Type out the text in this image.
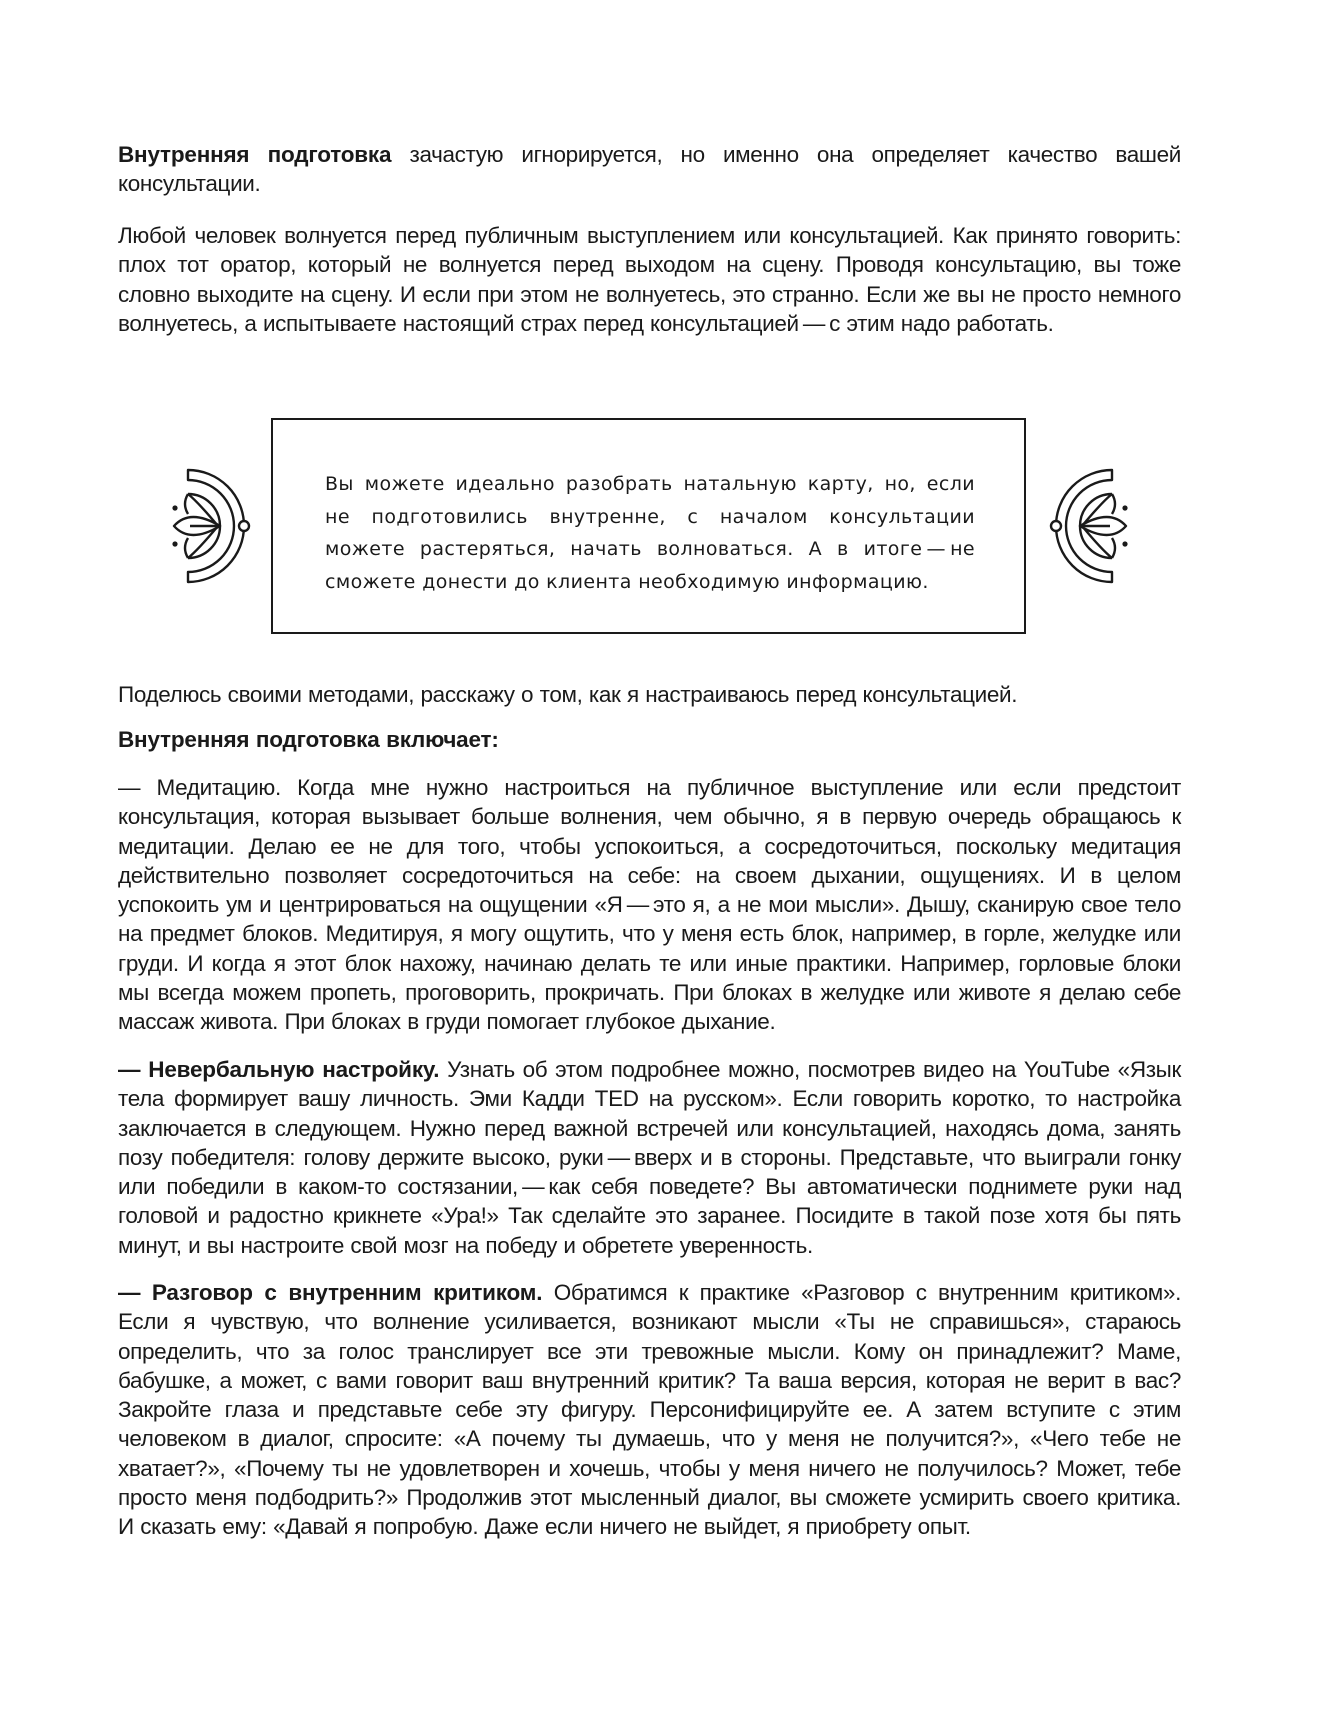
Внутренняя подготовка зачастую игнорируется, но именно она определяет качество вашей консультации.

Любой человек волнуется перед публичным выступлением или консультацией. Как принято говорить: плох тот оратор, который не волнуется перед выходом на сцену. Проводя консультацию, вы тоже словно выходите на сцену. И если при этом не волнуетесь, это странно. Если же вы не просто немного волнуетесь, а испытываете настоящий страх перед консультацией — с этим надо работать.

Поделюсь своими методами, расскажу о том, как я настраиваюсь перед консультацией.

Внутренняя подготовка включает:

— Медитацию. Когда мне нужно настроиться на публичное выступление или если предстоит консультация, которая вызывает больше волнения, чем обычно, я в первую очередь обращаюсь к медитации. Делаю ее не для того, чтобы успокоиться, а сосредоточиться, поскольку медитация действительно позволяет сосредоточиться на себе: на своем дыхании, ощущениях. И в целом успокоить ум и центрироваться на ощущении «Я — это я, а не мои мысли». Дышу, сканирую свое тело на предмет блоков. Медитируя, я могу ощутить, что у меня есть блок, например, в горле, желудке или груди. И когда я этот блок нахожу, начинаю делать те или иные практики. Например, горловые блоки мы всегда можем пропеть, проговорить, прокричать. При блоках в желудке или животе я делаю себе массаж живота. При блоках в груди помогает глубокое дыхание.

— Невербальную настройку. Узнать об этом подробнее можно, посмотрев видео на YouTube «Язык тела формирует вашу личность. Эми Кадди TED на русском». Если говорить коротко, то настройка заключается в следующем. Нужно перед важной встречей или консультацией, находясь дома, занять позу победителя: голову держите высоко, руки — вверх и в стороны. Представьте, что выиграли гонку или победили в каком-то состязании, — как себя поведете? Вы автоматически поднимете руки над головой и радостно крикнете «Ура!» Так сделайте это заранее. Посидите в такой позе хотя бы пять минут, и вы настроите свой мозг на победу и обретете уверенность.

— Разговор с внутренним критиком. Обратимся к практике «Разговор с внутренним критиком». Если я чувствую, что волнение усиливается, возникают мысли «Ты не справишься», стараюсь определить, что за голос транслирует все эти тревожные мысли. Кому он принадлежит? Маме, бабушке, а может, с вами говорит ваш внутренний критик? Та ваша версия, которая не верит в вас? Закройте глаза и представьте себе эту фигуру. Персонифицируйте ее. А затем вступите с этим человеком в диалог, спросите: «А почему ты думаешь, что у меня не получится?», «Чего тебе не хватает?», «Почему ты не удовлетворен и хочешь, чтобы у меня ничего не получилось? Может, тебе просто меня подбодрить?» Продолжив этот мысленный диалог, вы сможете усмирить своего критика. И сказать ему: «Давай я попробую. Даже если ничего не выйдет, я приобрету опыт.

Вы можете идеально разобрать натальную карту, но, если не подготовились внутренне, с началом консультации можете растеряться, начать волноваться. А в итоге — не сможете донести до клиента необходимую информацию.
